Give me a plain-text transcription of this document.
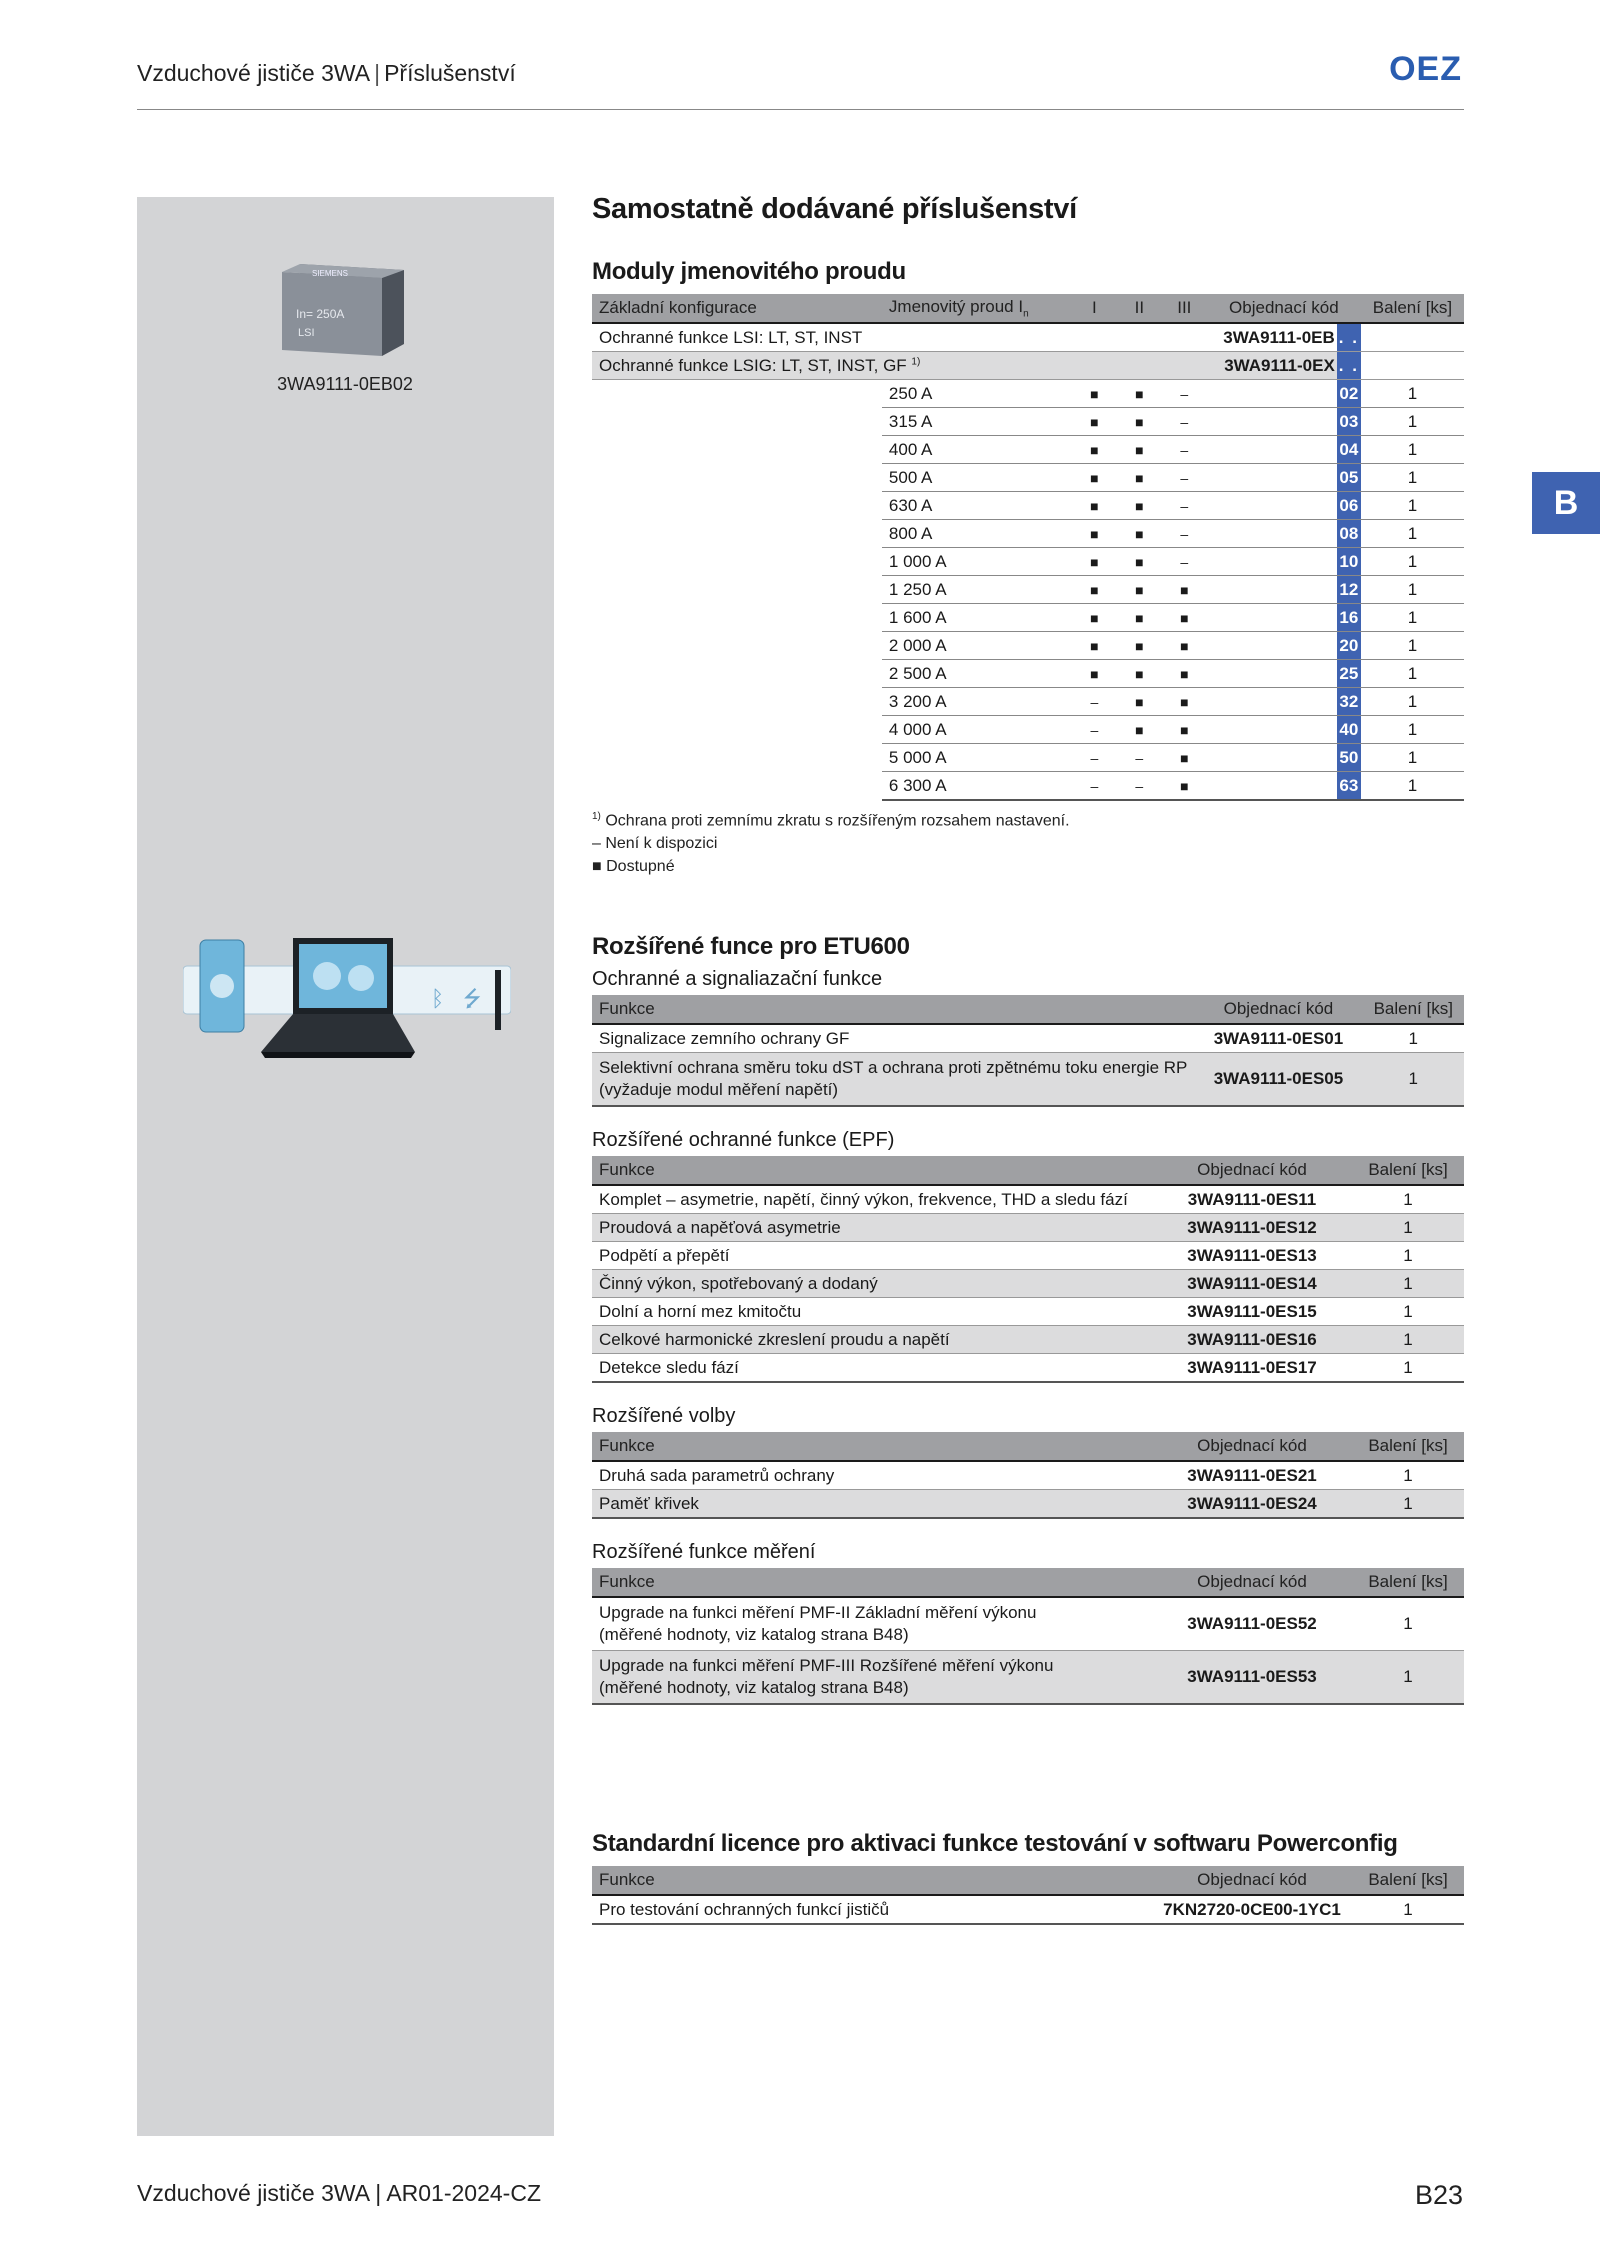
Vzduchové jističe 3WA | Příslušenství	OEZ
SIEMENS
In= 250A
LSI
3WA9111-0EB02
ᛒ ⭍
B
Samostatně dodávané příslušenství
Moduly jmenovitého proudu
Základní konfigurace	Jmenovitý proud $I_n$	I	II	III	Objednací kód		Balení [ks]
Ochranné funkce LSI: LT, ST, INST					3WA9111-0EB	. .	
Ochranné funkce LSIG: LT, ST, INST, GF $^{1)}$					3WA9111-0EX	. .	
	250 A	■	■	–		02	1
	315 A	■	■	–		03	1
	400 A	■	■	–		04	1
	500 A	■	■	–		05	1
	630 A	■	■	–		06	1
	800 A	■	■	–		08	1
	1 000 A	■	■	–		10	1
	1 250 A	■	■	■		12	1
	1 600 A	■	■	■		16	1
	2 000 A	■	■	■		20	1
	2 500 A	■	■	■		25	1
	3 200 A	–	■	■		32	1
	4 000 A	–	■	■		40	1
	5 000 A	–	–	■		50	1
	6 300 A	–	–	■		63	1
$^{1)}$ Ochrana proti zemnímu zkratu s rozšířeným rozsahem nastavení.
– Není k dispozici
■ Dostupné
Rozšířené funce pro ETU600
Ochranné a signaliazační funkce
Funkce	Objednací kód	Balení [ks]

Signalizace zemního ochrany GF	3WA9111-0ES01	1

Selektivní ochrana směru toku dST a ochrana proti zpětnému toku energie RP
(vyžaduje modul měření napětí)	3WA9111-0ES05	1
Rozšířené ochranné funkce (EPF)
Funkce	Objednací kód	Balení [ks]

Komplet – asymetrie, napětí, činný výkon, frekvence, THD a sledu fází	3WA9111-0ES11	1

Proudová a napěťová asymetrie	3WA9111-0ES12	1

Podpětí a přepětí	3WA9111-0ES13	1

Činný výkon, spotřebovaný a dodaný	3WA9111-0ES14	1

Dolní a horní mez kmitočtu	3WA9111-0ES15	1

Celkové harmonické zkreslení proudu a napětí	3WA9111-0ES16	1

Detekce sledu fází	3WA9111-0ES17	1
Rozšířené volby
Funkce	Objednací kód	Balení [ks]

Druhá sada parametrů ochrany	3WA9111-0ES21	1

Paměť křivek	3WA9111-0ES24	1
Rozšířené funkce měření
Funkce	Objednací kód	Balení [ks]

Upgrade na funkci měření PMF-II Základní měření výkonu
(měřené hodnoty, viz katalog strana B48)	3WA9111-0ES52	1

Upgrade na funkci měření PMF-III Rozšířené měření výkonu
(měřené hodnoty, viz katalog strana B48)	3WA9111-0ES53	1
Standardní licence pro aktivaci funkce testování v softwaru Powerconfig
Funkce	Objednací kód	Balení [ks]

Pro testování ochranných funkcí jističů	7KN2720-0CE00-1YC1	1
Vzduchové jističe 3WA | AR01-2024-CZ	B23
